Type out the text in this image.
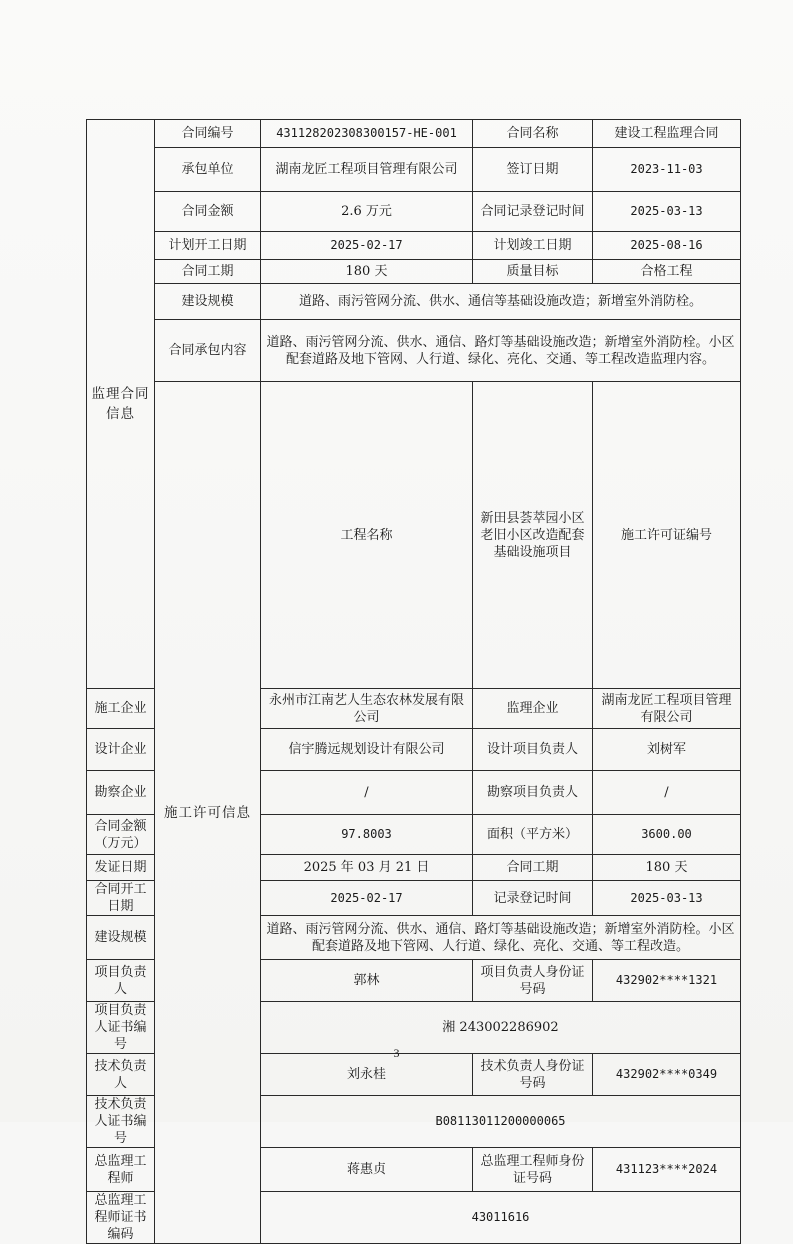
监理合同信息	合同编号	431128202308300157-HE-001	合同名称	建设工程监理合同	
	承包单位	湖南龙匠工程项目管理有限公司	签订日期	2023-11-03	
	合同金额	2.6 万元	合同记录登记时间	2025-03-13	
	计划开工日期	2025-02-17	计划竣工日期	2025-08-16	
	合同工期	180 天	质量目标	合格工程	
	建设规模	道路、雨污管网分流、供水、通信等基础设施改造；新增室外消防栓。			
	合同承包内容	道路、雨污管网分流、供水、通信、路灯等基础设施改造；新增室外消防栓。小区配套道路及地下管网、人行道、绿化、亮化、交通、等工程改造监理内容。			
	施工许可信息	工程名称	新田县荟萃园小区老旧小区改造配套基础设施项目	施工许可证编号	
施工企业		永州市江南艺人生态农林发展有限公司	监理企业	湖南龙匠工程项目管理有限公司	
设计企业		信宇腾远规划设计有限公司	设计项目负责人	刘树军	
勘察企业		/	勘察项目负责人	/	
合同金额（万元）		97.8003	面积（平方米）	3600.00	
发证日期		2025 年 03 月 21 日	合同工期	180 天	
合同开工日期		2025-02-17	记录登记时间	2025-03-13	
建设规模		道路、雨污管网分流、供水、通信、路灯等基础设施改造；新增室外消防栓。小区配套道路及地下管网、人行道、绿化、亮化、交通、等工程改造。			
项目负责人		郭林	项目负责人身份证号码	432902****1321	
项目负责人证书编号		湘 243002286902			
技术负责人		刘永桂	技术负责人身份证号码	432902****0349	
技术负责人证书编号		B08113011200000065			
总监理工程师		蒋惠贞	总监理工程师身份证号码	431123****2024	
总监理工程师证书编码		43011616			
3
